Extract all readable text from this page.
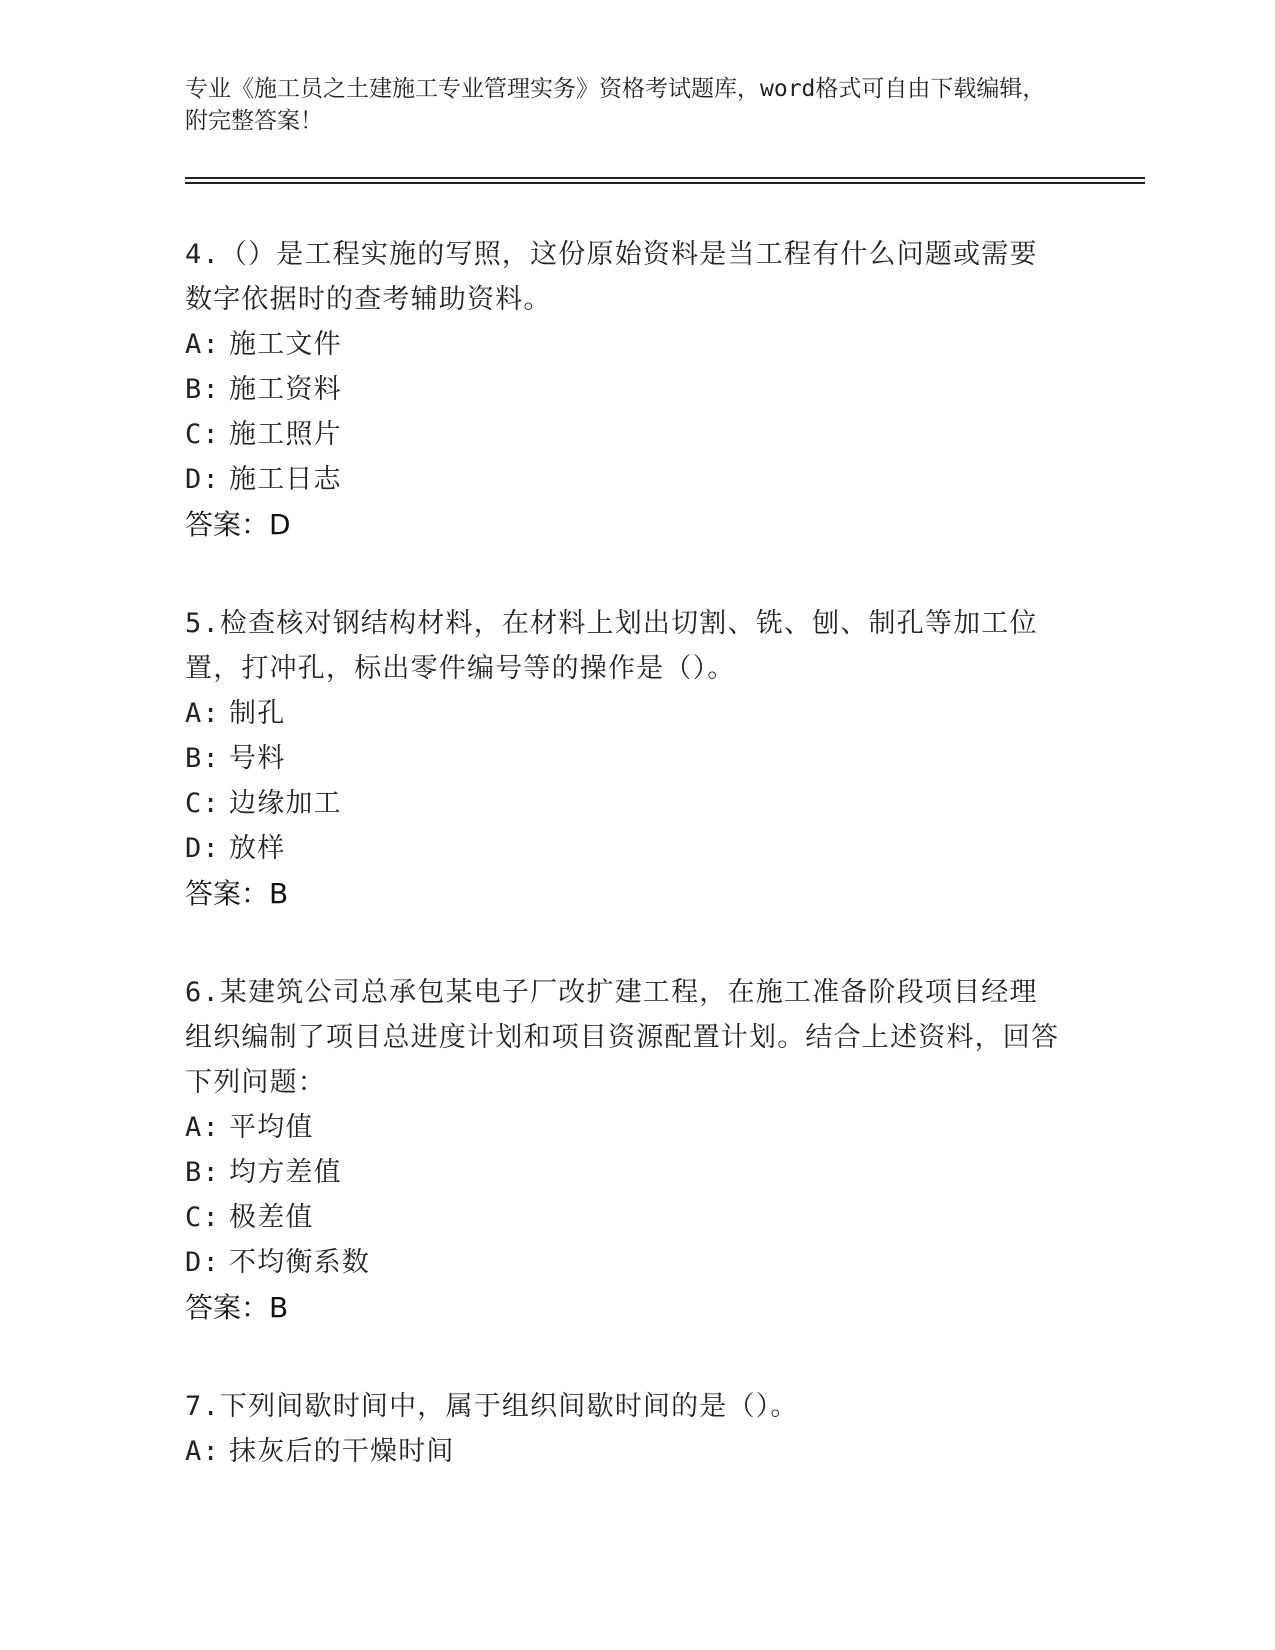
专业《施工员之土建施工专业管理实务》资格考试题库，word格式可自由下载编辑，附完整答案！
4.（）是工程实施的写照，这份原始资料是当工程有什么问题或需要数字依据时的查考辅助资料。
A: 施工文件
B: 施工资料
C: 施工照片
D: 施工日志
答案：D
5.检查核对钢结构材料，在材料上划出切割、铣、刨、制孔等加工位置，打冲孔，标出零件编号等的操作是（）。
A: 制孔
B: 号料
C: 边缘加工
D: 放样
答案：B
6.某建筑公司总承包某电子厂改扩建工程，在施工准备阶段项目经理组织编制了项目总进度计划和项目资源配置计划。结合上述资料，回答下列问题：
A: 平均值
B: 均方差值
C: 极差值
D: 不均衡系数
答案：B
7.下列间歇时间中，属于组织间歇时间的是（）。
A: 抹灰后的干燥时间
